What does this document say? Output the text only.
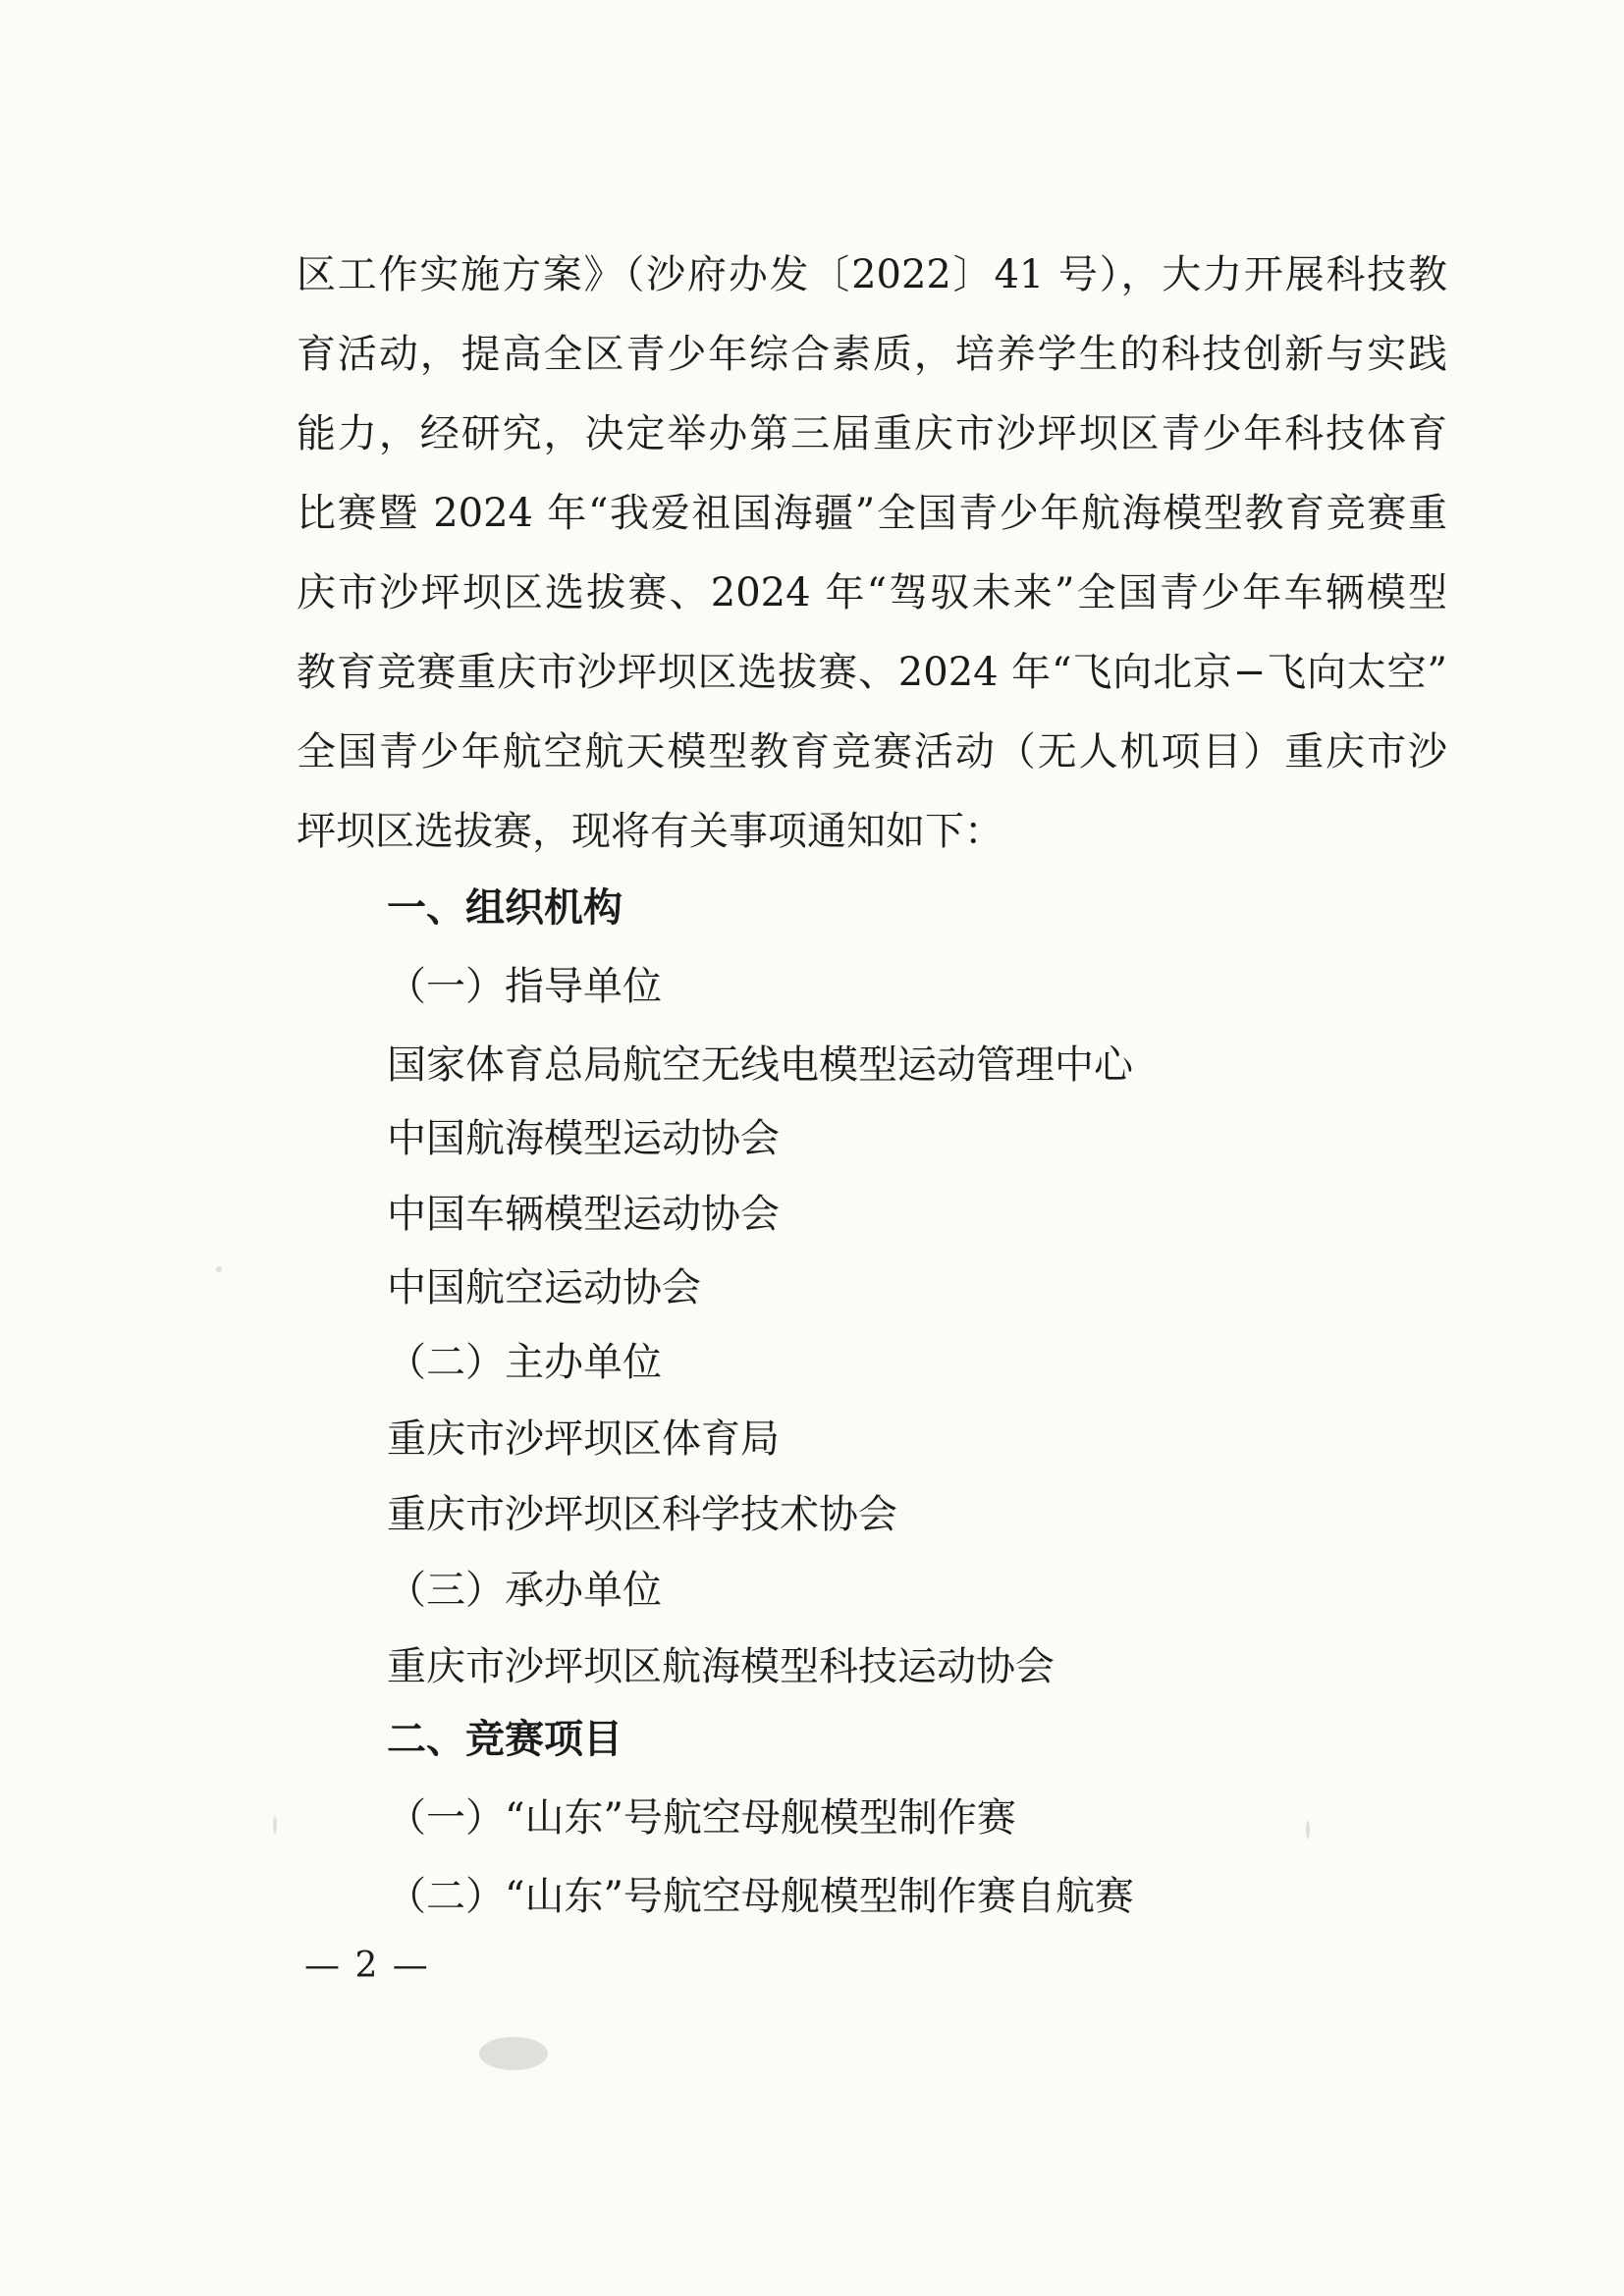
区工作实施方案》（沙府办发〔2022〕41 号），大力开展科技教
育活动，提高全区青少年综合素质，培养学生的科技创新与实践
能力，经研究，决定举办第三届重庆市沙坪坝区青少年科技体育
比赛暨 2024 年“我爱祖国海疆”全国青少年航海模型教育竞赛重
庆市沙坪坝区选拔赛、2024 年“驾驭未来”全国青少年车辆模型
教育竞赛重庆市沙坪坝区选拔赛、2024 年“飞向北京−飞向太空”
全国青少年航空航天模型教育竞赛活动（无人机项目）重庆市沙
坪坝区选拔赛，现将有关事项通知如下：
一、组织机构
（一）指导单位
国家体育总局航空无线电模型运动管理中心
中国航海模型运动协会
中国车辆模型运动协会
中国航空运动协会
（二）主办单位
重庆市沙坪坝区体育局
重庆市沙坪坝区科学技术协会
（三）承办单位
重庆市沙坪坝区航海模型科技运动协会
二、竞赛项目
（一）“山东”号航空母舰模型制作赛
（二）“山东”号航空母舰模型制作赛自航赛
— 2 —
